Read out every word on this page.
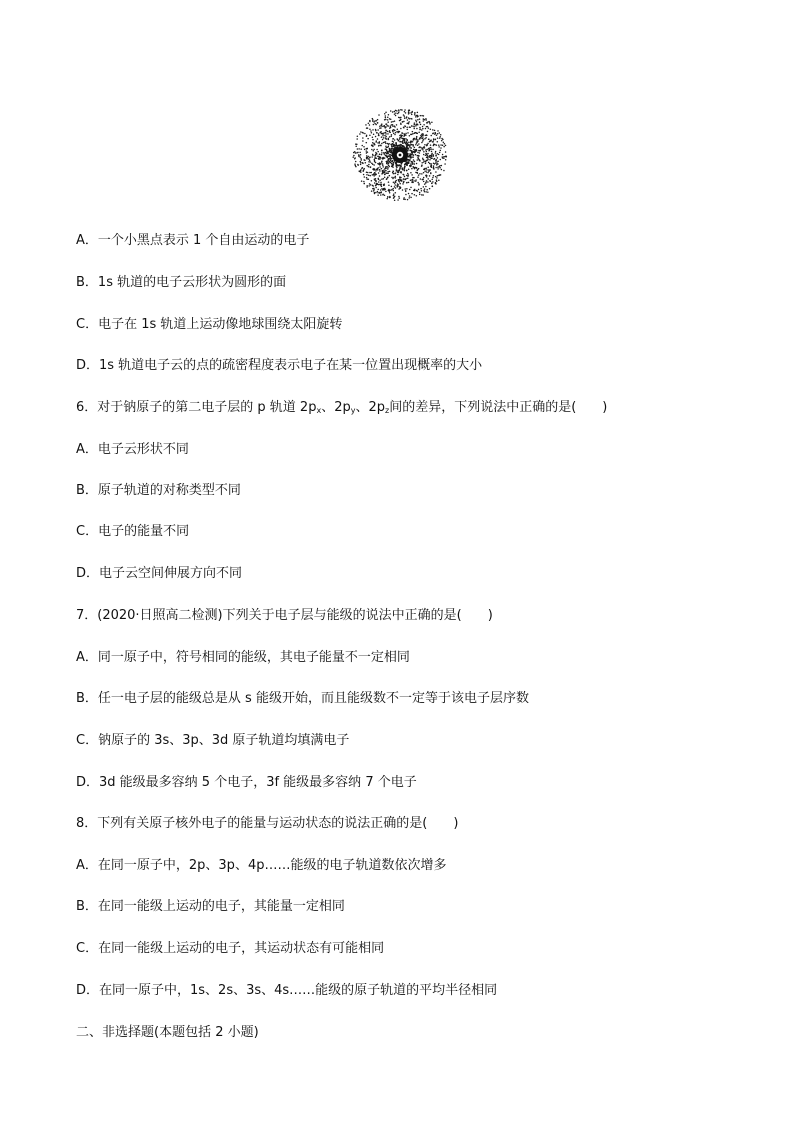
A．一个小黑点表示 1 个自由运动的电子
B．1s 轨道的电子云形状为圆形的面
C．电子在 1s 轨道上运动像地球围绕太阳旋转
D．1s 轨道电子云的点的疏密程度表示电子在某一位置出现概率的大小
6．对于钠原子的第二电子层的 p 轨道 $2p_x$、$2p_y$、$2p_z$间的差异，下列说法中正确的是(　　)
A．电子云形状不同
B．原子轨道的对称类型不同
C．电子的能量不同
D．电子云空间伸展方向不同
7．(2020·日照高二检测)下列关于电子层与能级的说法中正确的是(　　)
A．同一原子中，符号相同的能级，其电子能量不一定相同
B．任一电子层的能级总是从 s 能级开始，而且能级数不一定等于该电子层序数
C．钠原子的 3s、3p、3d 原子轨道均填满电子
D．3d 能级最多容纳 5 个电子，3f 能级最多容纳 7 个电子
8．下列有关原子核外电子的能量与运动状态的说法正确的是(　　)
A．在同一原子中，2p、3p、4p……能级的电子轨道数依次增多
B．在同一能级上运动的电子，其能量一定相同
C．在同一能级上运动的电子，其运动状态有可能相同
D．在同一原子中，1s、2s、3s、4s……能级的原子轨道的平均半径相同
二、非选择题(本题包括 2 小题)
